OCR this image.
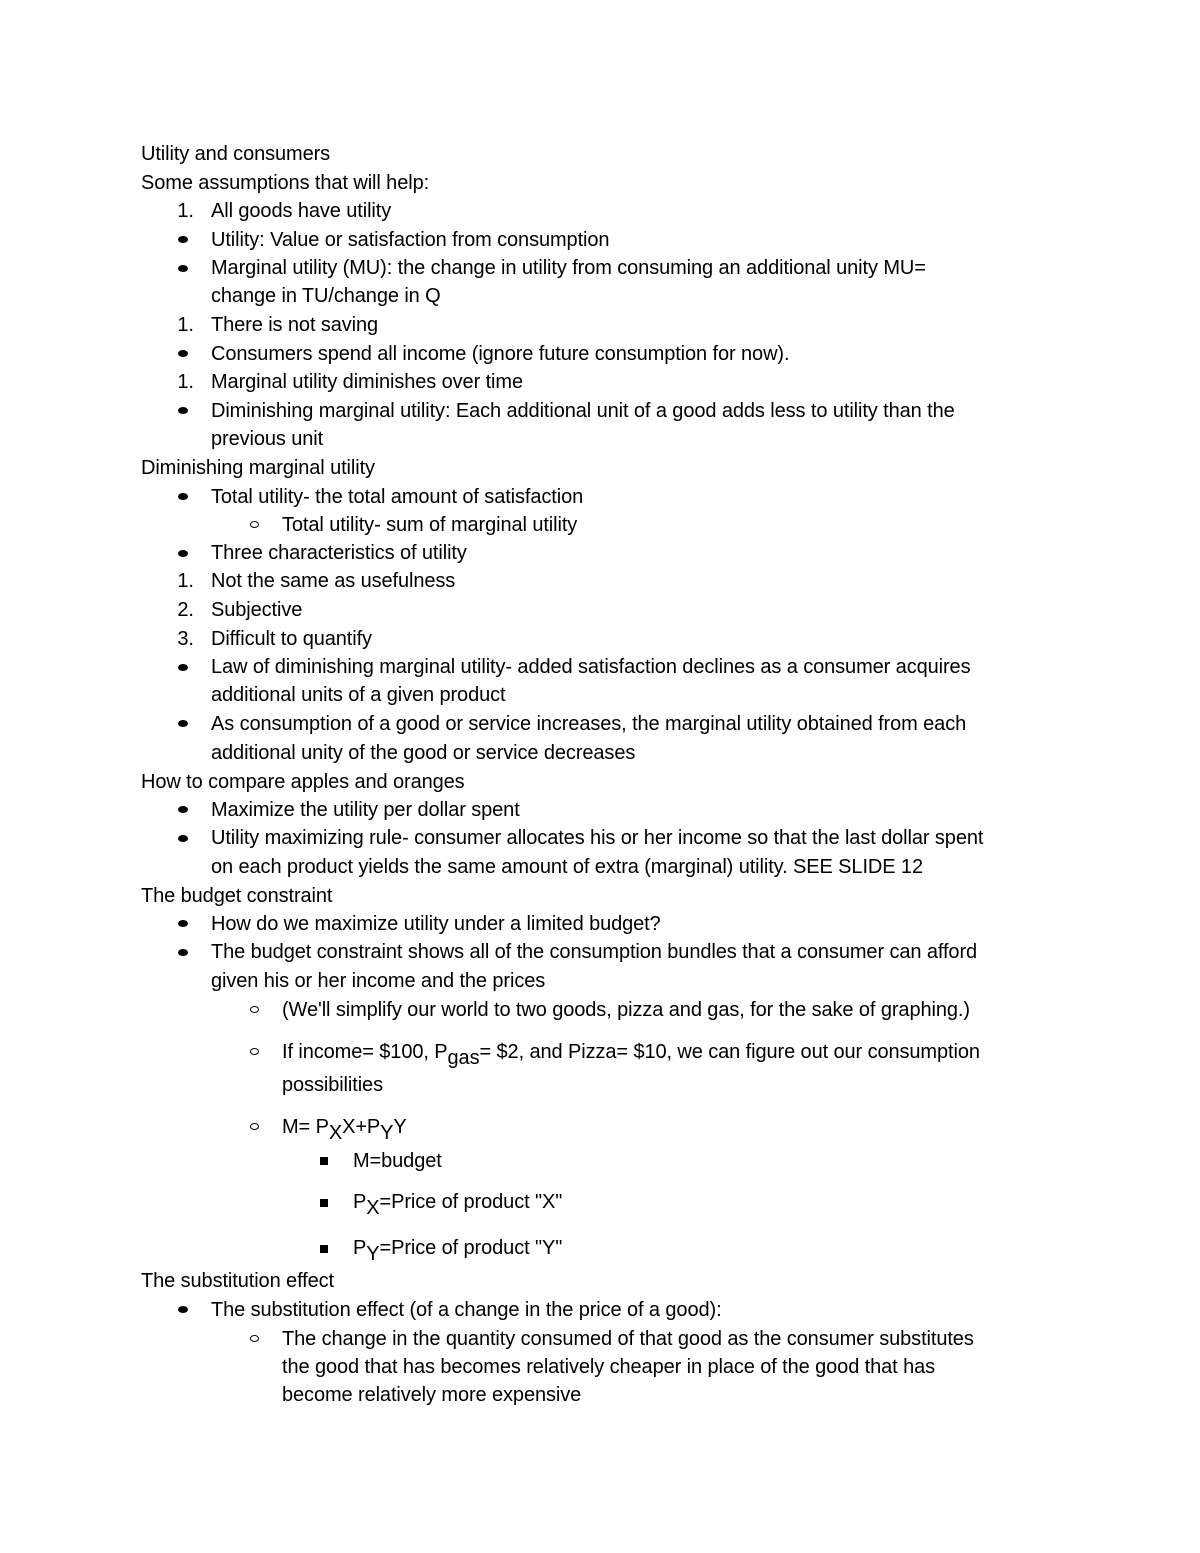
Utility and consumers
Some assumptions that will help:
1. All goods have utility
Utility: Value or satisfaction from consumption
Marginal utility (MU): the change in utility from consuming an additional unity MU=
change in TU/change in Q
1. There is not saving
Consumers spend all income (ignore future consumption for now).
1. Marginal utility diminishes over time
Diminishing marginal utility: Each additional unit of a good adds less to utility than the
previous unit
Diminishing marginal utility
Total utility- the total amount of satisfaction
Total utility- sum of marginal utility
Three characteristics of utility
1. Not the same as usefulness
2. Subjective
3. Difficult to quantify
Law of diminishing marginal utility- added satisfaction declines as a consumer acquires
additional units of a given product
As consumption of a good or service increases, the marginal utility obtained from each
additional unity of the good or service decreases
How to compare apples and oranges
Maximize the utility per dollar spent
Utility maximizing rule- consumer allocates his or her income so that the last dollar spent
on each product yields the same amount of extra (marginal) utility. SEE SLIDE 12
The budget constraint
How do we maximize utility under a limited budget?
The budget constraint shows all of the consumption bundles that a consumer can afford
given his or her income and the prices
(We'll simplify our world to two goods, pizza and gas, for the sake of graphing.)
If income= $100, $P_{gas}=$ $2, and Pizza= $10, we can figure out our consumption
possibilities
$M= P_XX+P_YY$
M=budget
$P_X=Price$ of product "X"
$P_Y=Price$ of product "Y"
The substitution effect
The substitution effect (of a change in the price of a good):
The change in the quantity consumed of that good as the consumer substitutes
the good that has becomes relatively cheaper in place of the good that has
become relatively more expensive
